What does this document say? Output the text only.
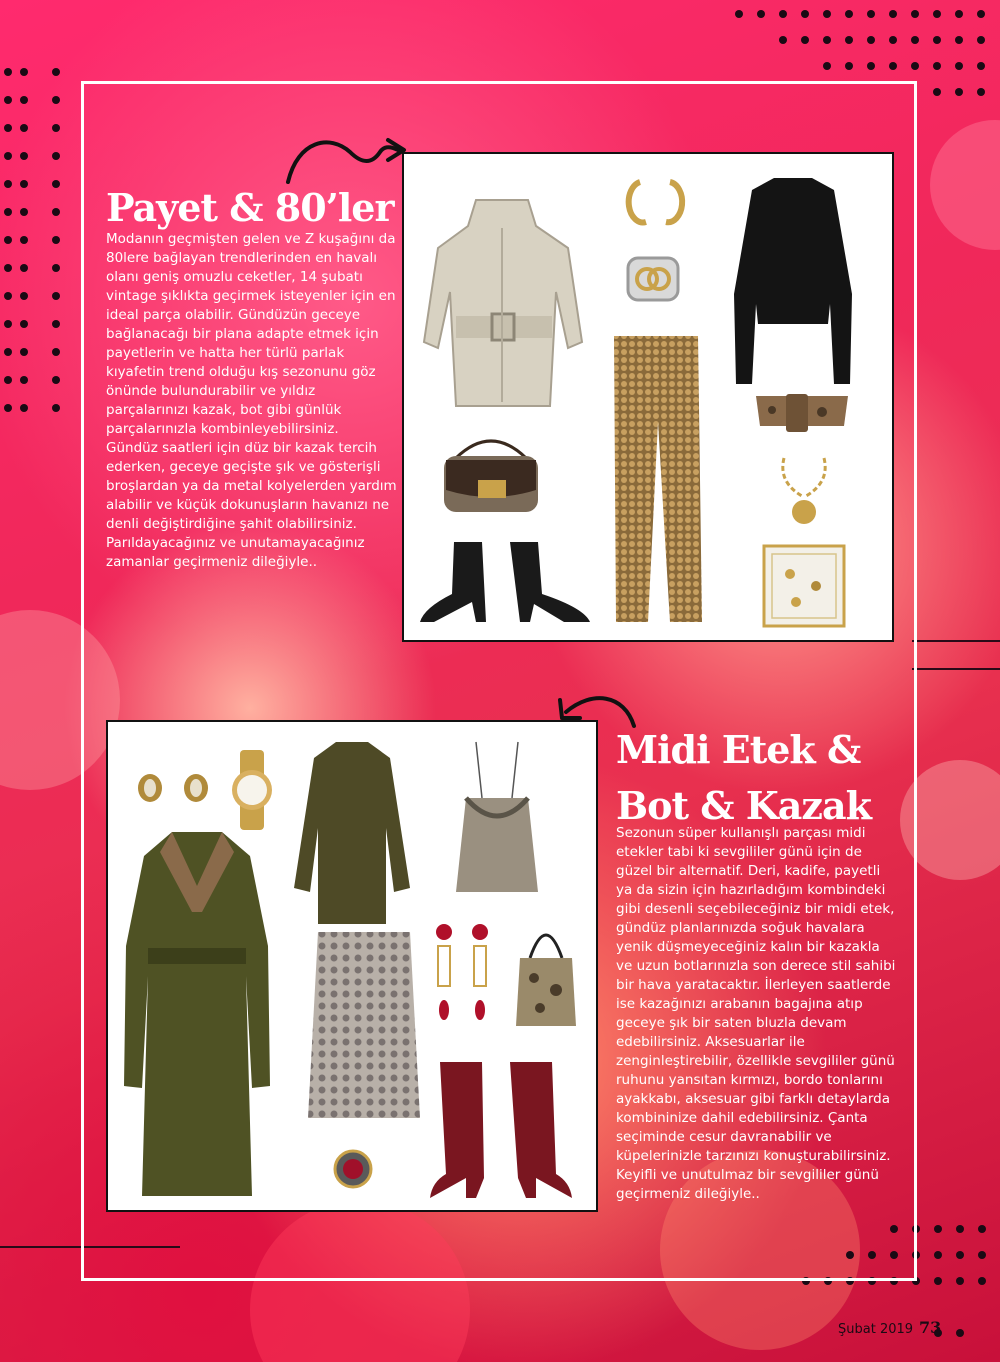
Payet & 80’ler

Modanın geçmişten gelen ve Z kuşağını da 80lere bağlayan trendlerinden en havalı olanı geniş omuzlu ceketler, 14 şubatı vintage şıklıkta geçirmek isteyenler için en ideal parça olabilir. Gündüzün geceye bağlanacağı bir plana adapte etmek için payetlerin ve hatta her türlü parlak kıyafetin trend olduğu kış sezonunu göz önünde bulundurabilir ve yıldız parçalarınızı kazak, bot gibi günlük parçalarınızla kombinleyebilirsiniz.

Gündüz saatleri için düz bir kazak tercih ederken, geceye geçişte şık ve gösterişli broşlardan ya da metal kolyelerden yardım alabilir ve küçük dokunuşların havanızı ne denli değiştirdiğine şahit olabilirsiniz.

Parıldayacağınız ve unutamayacağınız zamanlar geçirmeniz dileğiyle..

Midi Etek &
Bot & Kazak

Sezonun süper kullanışlı parçası midi etekler tabi ki sevgililer günü için de güzel bir alternatif. Deri, kadife, payetli ya da sizin için hazırladığım kombindeki gibi desenli seçebileceğiniz bir midi etek, gündüz planlarınızda soğuk havalara yenik düşmeyeceğiniz kalın bir kazakla ve uzun botlarınızla son derece stil sahibi bir hava yaratacaktır. İlerleyen saatlerde ise kazağınızı arabanın bagajına atıp geceye şık bir saten bluzla devam edebilirsiniz. Aksesuarlar ile zenginleştirebilir, özellikle sevgililer günü ruhunu yansıtan kırmızı, bordo tonlarını ayakkabı, aksesuar gibi farklı detaylarda kombininize dahil edebilirsiniz. Çanta seçiminde cesur davranabilir ve küpelerinizle tarzınızı konuşturabilirsiniz. Keyifli ve unutulmaz bir sevgililer günü geçirmeniz dileğiyle..

Şubat 2019 73
